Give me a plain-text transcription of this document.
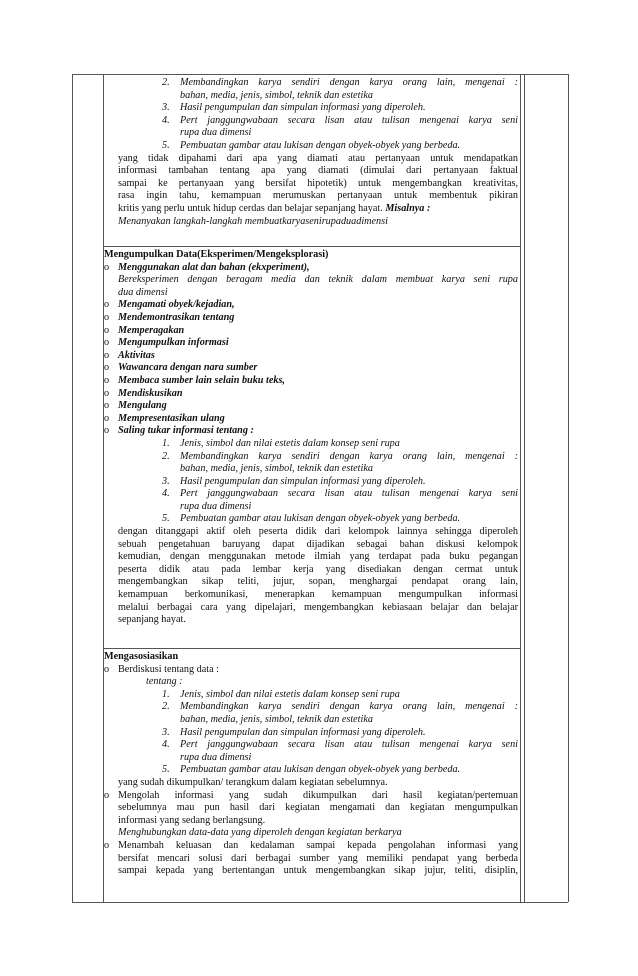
2. Membandingkan karya sendiri dengan karya orang lain, mengenai :
bahan, media, jenis, simbol, teknik dan estetika
3. Hasil pengumpulan dan simpulan informasi yang diperoleh.
4. Pert janggungwabaan secara lisan atau tulisan mengenai karya seni
rupa dua dimensi
5. Pembuatan gambar atau lukisan dengan obyek-obyek yang berbeda.
yang tidak dipahami dari apa yang diamati atau pertanyaan untuk mendapatkan
informasi tambahan tentang apa yang diamati (dimulai dari pertanyaan faktual
sampai ke pertanyaan yang bersifat hipotetik) untuk mengembangkan kreativitas,
rasa ingin tahu, kemampuan merumuskan pertanyaan untuk membentuk pikiran
kritis yang perlu untuk hidup cerdas dan belajar sepanjang hayat. Misalnya :
Menanyakan langkah-langkah membuatkaryasenirupaduadimensi
Mengumpulkan Data(Eksperimen/Mengeksplorasi)
o Menggunakan alat dan bahan (ekxperiment),
Bereksperimen dengan beragam media dan teknik dalam membuat karya seni rupa
dua dimensi
o Mengamati obyek/kejadian,
o Mendemontrasikan tentang
o Memperagakan
o Mengumpulkan informasi
o Aktivitas
o Wawancara dengan nara sumber
o Membaca sumber lain selain buku teks,
o Mendiskusikan
o Mengulang
o Mempresentasikan ulang
o Saling tukar informasi tentang :
1. Jenis, simbol dan nilai estetis dalam konsep seni rupa
2. Membandingkan karya sendiri dengan karya orang lain, mengenai :
bahan, media, jenis, simbol, teknik dan estetika
3. Hasil pengumpulan dan simpulan informasi yang diperoleh.
4. Pert janggungwabaan secara lisan atau tulisan mengenai karya seni
rupa dua dimensi
5. Pembuatan gambar atau lukisan dengan obyek-obyek yang berbeda.
dengan ditanggapi aktif oleh peserta didik dari kelompok lainnya sehingga diperoleh
sebuah pengetahuan baruyang dapat dijadikan sebagai bahan diskusi kelompok
kemudian, dengan menggunakan metode ilmiah yang terdapat pada buku pegangan
peserta didik atau pada lembar kerja yang disediakan dengan cermat untuk
mengembangkan sikap teliti, jujur, sopan, menghargai pendapat orang lain,
kemampuan berkomunikasi, menerapkan kemampuan mengumpulkan informasi
melalui berbagai cara yang dipelajari, mengembangkan kebiasaan belajar dan belajar
sepanjang hayat.
Mengasosiasikan
o Berdiskusi tentang data :
tentang :
1. Jenis, simbol dan nilai estetis dalam konsep seni rupa
2. Membandingkan karya sendiri dengan karya orang lain, mengenai :
bahan, media, jenis, simbol, teknik dan estetika
3. Hasil pengumpulan dan simpulan informasi yang diperoleh.
4. Pert janggungwabaan secara lisan atau tulisan mengenai karya seni
rupa dua dimensi
5. Pembuatan gambar atau lukisan dengan obyek-obyek yang berbeda.
yang sudah dikumpulkan/ terangkum dalam kegiatan sebelumnya.
o Mengolah informasi yang sudah dikumpulkan dari hasil kegiatan/pertemuan
sebelumnya mau pun hasil dari kegiatan mengamati dan kegiatan mengumpulkan
informasi yang sedang berlangsung.
Menghubungkan data-data yang diperoleh dengan kegiatan berkarya
o Menambah keluasan dan kedalaman sampai kepada pengolahan informasi yang
bersifat mencari solusi dari berbagai sumber yang memiliki pendapat yang berbeda
sampai kepada yang bertentangan untuk mengembangkan sikap jujur, teliti, disiplin,
